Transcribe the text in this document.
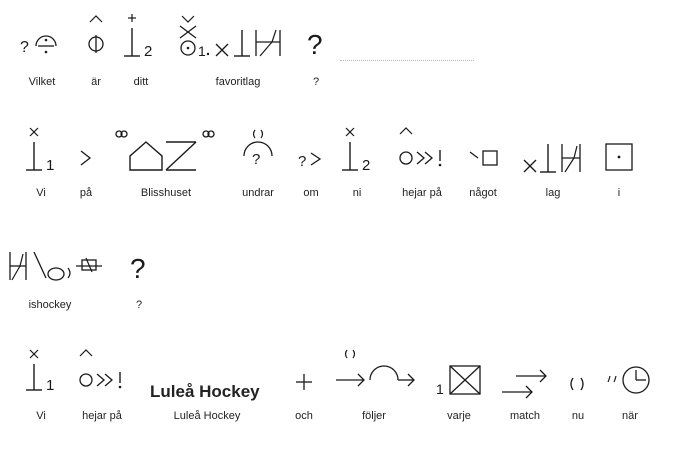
?
Vilket	är
2
ditt
1
favoritlag
?
?
1
Vi	på	Blisshuset
?
undrar
?
om
2
ni	hejar på något	lag	i
ishockey
?
?
1
Vi	hejar på
Luleå Hockey
Luleå Hockey	och	följer
1
varje	match	nu	när
